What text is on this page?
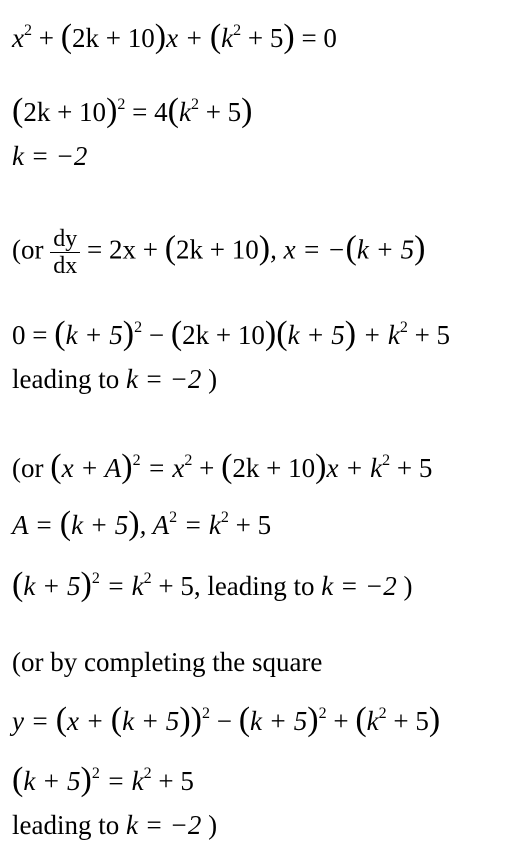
$x^2 + (2k + 10)x + (k^2 + 5) = 0$
$(2k + 10)^2 = 4(k^2 + 5)$
k = −2
($or \frac{dy}{dx} = 2x + (2k + 10)$, x = −(k + 5)
$0 = (k + 5)^2 - (2k + 10)(k + 5) + k^2 + 5$
leading to k = −2 )
(or $(x + A)^2 = x^2 + (2k + 10)x + k^2 + 5$
A = (k + 5), $A^2 = k^2 + 5$
$(k + 5)^2 = k^2 + 5$, leading to k = −2 )
(or by completing the square
$y = (x + (k + 5))^2 - (k + 5)^2 + (k^2 + 5)$
$(k + 5)^2 = k^2 + 5$
leading to k = −2 )
